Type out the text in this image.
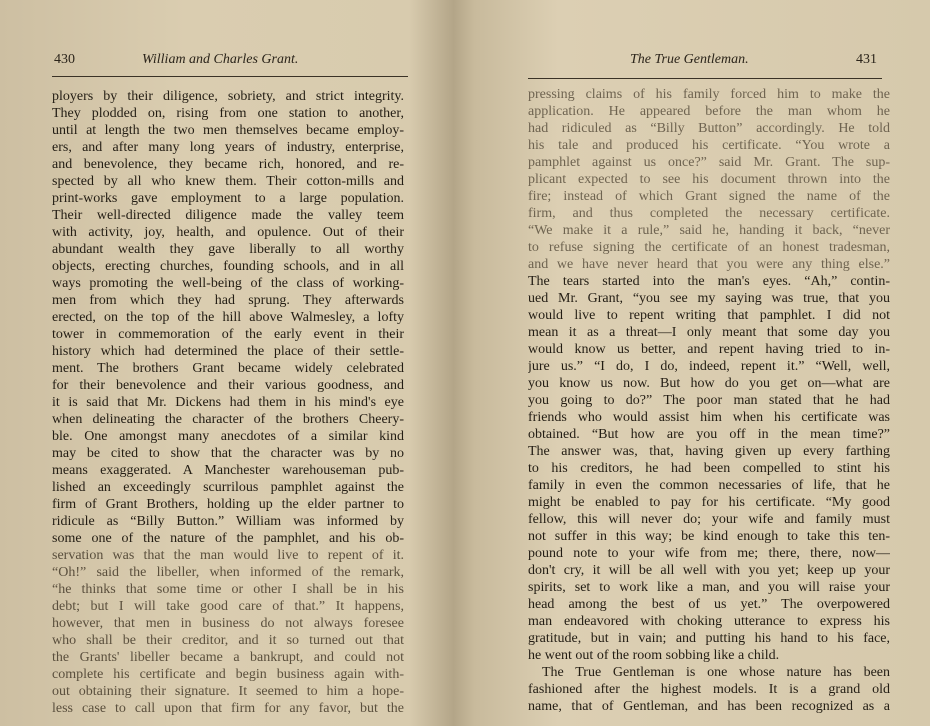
430	William and Charles Grant.
ployers by their diligence, sobriety, and strict integrity.
They plodded on, rising from one station to another,
until at length the two men themselves became employ-
ers, and after many long years of industry, enterprise,
and benevolence, they became rich, honored, and re-
spected by all who knew them. Their cotton-mills and
print-works gave employment to a large population.
Their well-directed diligence made the valley teem
with activity, joy, health, and opulence. Out of their
abundant wealth they gave liberally to all worthy
objects, erecting churches, founding schools, and in all
ways promoting the well-being of the class of working-
men from which they had sprung. They afterwards
erected, on the top of the hill above Walmesley, a lofty
tower in commemoration of the early event in their
history which had determined the place of their settle-
ment. The brothers Grant became widely celebrated
for their benevolence and their various goodness, and
it is said that Mr. Dickens had them in his mind's eye
when delineating the character of the brothers Cheery-
ble. One amongst many anecdotes of a similar kind
may be cited to show that the character was by no
means exaggerated. A Manchester warehouseman pub-
lished an exceedingly scurrilous pamphlet against the
firm of Grant Brothers, holding up the elder partner to
ridicule as “Billy Button.” William was informed by
some one of the nature of the pamphlet, and his ob-
servation was that the man would live to repent of it.
“Oh!” said the libeller, when informed of the remark,
“he thinks that some time or other I shall be in his
debt; but I will take good care of that.” It happens,
however, that men in business do not always foresee
who shall be their creditor, and it so turned out that
the Grants' libeller became a bankrupt, and could not
complete his certificate and begin business again with-
out obtaining their signature. It seemed to him a hope-
less case to call upon that firm for any favor, but the
The True Gentleman.	431
pressing claims of his family forced him to make the
application. He appeared before the man whom he
had ridiculed as “Billy Button” accordingly. He told
his tale and produced his certificate. “You wrote a
pamphlet against us once?” said Mr. Grant. The sup-
plicant expected to see his document thrown into the
fire; instead of which Grant signed the name of the
firm, and thus completed the necessary certificate.
“We make it a rule,” said he, handing it back, “never
to refuse signing the certificate of an honest tradesman,
and we have never heard that you were any thing else.”
The tears started into the man's eyes. “Ah,” contin-
ued Mr. Grant, “you see my saying was true, that you
would live to repent writing that pamphlet. I did not
mean it as a threat—I only meant that some day you
would know us better, and repent having tried to in-
jure us.” “I do, I do, indeed, repent it.” “Well, well,
you know us now. But how do you get on—what are
you going to do?” The poor man stated that he had
friends who would assist him when his certificate was
obtained. “But how are you off in the mean time?”
The answer was, that, having given up every farthing
to his creditors, he had been compelled to stint his
family in even the common necessaries of life, that he
might be enabled to pay for his certificate. “My good
fellow, this will never do; your wife and family must
not suffer in this way; be kind enough to take this ten-
pound note to your wife from me; there, there, now—
don't cry, it will be all well with you yet; keep up your
spirits, set to work like a man, and you will raise your
head among the best of us yet.” The overpowered
man endeavored with choking utterance to express his
gratitude, but in vain; and putting his hand to his face,
he went out of the room sobbing like a child.
The True Gentleman is one whose nature has been
fashioned after the highest models. It is a grand old
name, that of Gentleman, and has been recognized as a
